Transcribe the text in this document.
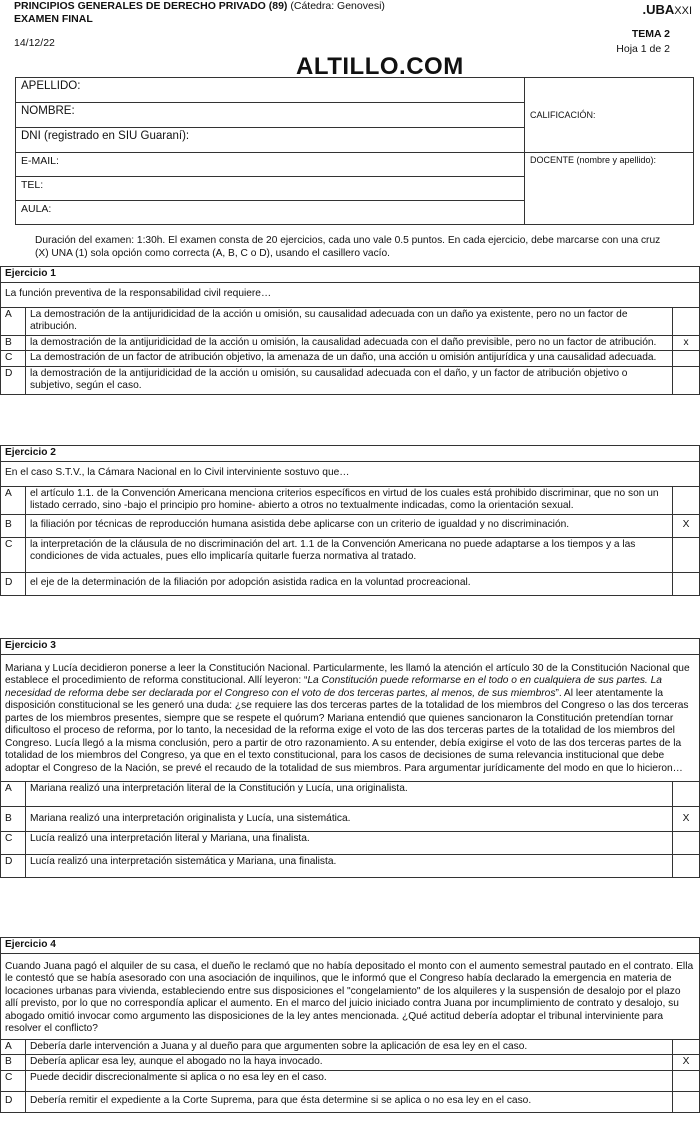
PRINCIPIOS GENERALES DE DERECHO PRIVADO (89) (Cátedra: Genovesi)
EXAMEN FINAL
14/12/22
.UBAXXI
TEMA 2
Hoja 1 de 2
ALTILLO.COM
APELLIDO:	CALIFICACIÓN:
NOMBRE:	
DNI (registrado en SIU Guaraní):	
E-MAIL:	DOCENTE (nombre y apellido):
TEL:	
AULA:	
Duración del examen: 1:30h. El examen consta de 20 ejercicios, cada uno vale 0.5 puntos. En cada ejercicio, debe marcarse con una cruz (X) UNA (1) sola opción como correcta (A, B, C o D), usando el casillero vacío.
Ejercicio 1		
La función preventiva de la responsabilidad civil requiere…		
A	La demostración de la antijuridicidad de la acción u omisión, su causalidad adecuada con un daño ya existente, pero no un factor de atribución.	
B	la demostración de la antijuridicidad de la acción u omisión, la causalidad adecuada con el daño previsible, pero no un factor de atribución.	x
C	La demostración de un factor de atribución objetivo, la amenaza de un daño, una acción u omisión antijurídica y una causalidad adecuada.	
D	la demostración de la antijuridicidad de la acción u omisión, su causalidad adecuada con el daño, y un factor de atribución objetivo o subjetivo, según el caso.	
Ejercicio 2		
En el caso S.T.V., la Cámara Nacional en lo Civil interviniente sostuvo que…		
A	el artículo 1.1. de la Convención Americana menciona criterios específicos en virtud de los cuales está prohibido discriminar, que no son un listado cerrado, sino -bajo el principio pro homine- abierto a otros no textualmente indicadas, como la orientación sexual.	
B	la filiación por técnicas de reproducción humana asistida debe aplicarse con un criterio de igualdad y no discriminación.	X
C	la interpretación de la cláusula de no discriminación del art. 1.1 de la Convención Americana no puede adaptarse a los tiempos y a las condiciones de vida actuales, pues ello implicaría quitarle fuerza normativa al tratado.	
D	el eje de la determinación de la filiación por adopción asistida radica en la voluntad procreacional.	
Ejercicio 3		
Mariana y Lucía decidieron ponerse a leer la Constitución Nacional. Particularmente, les llamó la atención el artículo 30 de la Constitución Nacional que establece el procedimiento de reforma constitucional. Allí leyeron: “La Constitución puede reformarse en el todo o en cualquiera de sus partes. La necesidad de reforma debe ser declarada por el Congreso con el voto de dos terceras partes, al menos, de sus miembros”. Al leer atentamente la disposición constitucional se les generó una duda: ¿se requiere las dos terceras partes de la totalidad de los miembros del Congreso o las dos terceras partes de los miembros presentes, siempre que se respete el quórum? Mariana entendió que quienes sancionaron la Constitución pretendían tornar dificultoso el proceso de reforma, por lo tanto, la necesidad de la reforma exige el voto de las dos terceras partes de la totalidad de los miembros del Congreso. Lucía llegó a la misma conclusión, pero a partir de otro razonamiento. A su entender, debía exigirse el voto de las dos terceras partes de la totalidad de los miembros del Congreso, ya que en el texto constitucional, para los casos de decisiones de suma relevancia institucional que debe adoptar el Congreso de la Nación, se prevé el recaudo de la totalidad de sus miembros. Para argumentar jurídicamente del modo en que lo hicieron…		
A	Mariana realizó una interpretación literal de la Constitución y Lucía, una originalista.	
B	Mariana realizó una interpretación originalista y Lucía, una sistemática.	X
C	Lucía realizó una interpretación literal y Mariana, una finalista.	
D	Lucía realizó una interpretación sistemática y Mariana, una finalista.	
Ejercicio 4		
Cuando Juana pagó el alquiler de su casa, el dueño le reclamó que no había depositado el monto con el aumento semestral pautado en el contrato. Ella le contestó que se había asesorado con una asociación de inquilinos, que le informó que el Congreso había declarado la emergencia en materia de locaciones urbanas para vivienda, estableciendo entre sus disposiciones el "congelamiento" de los alquileres y la suspensión de desalojo por el plazo allí previsto, por lo que no correspondía aplicar el aumento. En el marco del juicio iniciado contra Juana por incumplimiento de contrato y desalojo, su abogado omitió invocar como argumento las disposiciones de la ley antes mencionada. ¿Qué actitud debería adoptar el tribunal interviniente para resolver el conflicto?		
A	Debería darle intervención a Juana y al dueño para que argumenten sobre la aplicación de esa ley en el caso.	
B	Debería aplicar esa ley, aunque el abogado no la haya invocado.	X
C	Puede decidir discrecionalmente si aplica o no esa ley en el caso.	
D	Debería remitir el expediente a la Corte Suprema, para que ésta determine si se aplica o no esa ley en el caso.	
